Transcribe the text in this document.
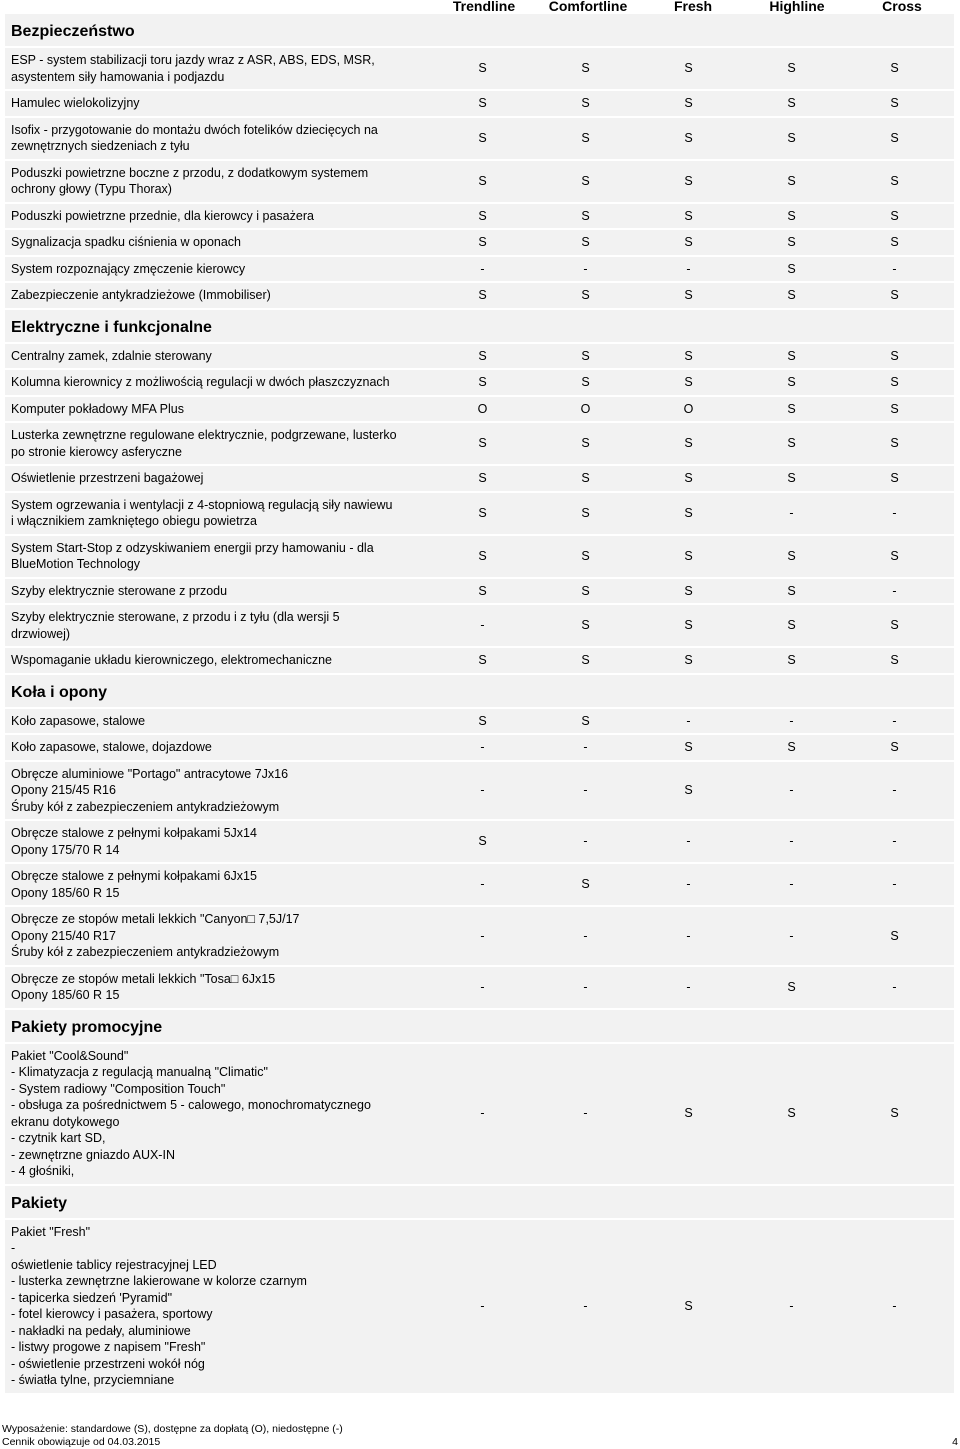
Trendline	Comfortline	Fresh	Highline	Cross
Bezpieczeństwo
ESP - system stabilizacji toru jazdy wraz z ASR, ABS, EDS, MSR,
asystentem siły hamowania i podjazdu
S	S	S	S	S
Hamulec wielokolizyjny	S	S	S	S	S
Isofix - przygotowanie do montażu dwóch fotelików dziecięcych na
zewnętrznych siedzeniach z tyłu
S	S	S	S	S
Poduszki powietrzne boczne z przodu, z dodatkowym systemem
ochrony głowy (Typu Thorax)
S	S	S	S	S
Poduszki powietrzne przednie, dla kierowcy i pasażera	S	S	S	S	S
Sygnalizacja spadku ciśnienia w oponach	S	S	S	S	S
System rozpoznający zmęczenie kierowcy	-	-	-	S	-
Zabezpieczenie antykradzieżowe (Immobiliser)	S	S	S	S	S
Elektryczne i funkcjonalne
Centralny zamek, zdalnie sterowany	S	S	S	S	S
Kolumna kierownicy z możliwością regulacji w dwóch płaszczyznach	S	S	S	S	S
Komputer pokładowy MFA Plus	O	O	O	S	S
Lusterka zewnętrzne regulowane elektrycznie, podgrzewane, lusterko
po stronie kierowcy asferyczne
S	S	S	S	S
Oświetlenie przestrzeni bagażowej	S	S	S	S	S
System ogrzewania i wentylacji z 4-stopniową regulacją siły nawiewu
i włącznikiem zamkniętego obiegu powietrza
S	S	S	-	-
System Start-Stop z odzyskiwaniem energii przy hamowaniu - dla
BlueMotion Technology
S	S	S	S	S
Szyby elektrycznie sterowane z przodu	S	S	S	S	-
Szyby elektrycznie sterowane, z przodu i z tyłu (dla wersji 5
drzwiowej)
-	S	S	S	S
Wspomaganie układu kierowniczego, elektromechaniczne	S	S	S	S	S
Koła i opony
Koło zapasowe, stalowe	S	S	-	-	-
Koło zapasowe, stalowe, dojazdowe	-	-	S	S	S
Obręcze aluminiowe "Portago" antracytowe 7Jx16
Opony 215/45 R16
Śruby kół z zabezpieczeniem antykradzieżowym
-	-	S	-	-
Obręcze stalowe z pełnymi kołpakami 5Jx14
Opony 175/70 R 14
S	-	-	-	-
Obręcze stalowe z pełnymi kołpakami 6Jx15
Opony 185/60 R 15
-	S	-	-	-
Obręcze ze stopów metali lekkich "Canyon□ 7,5J/17
Opony 215/40 R17
Śruby kół z zabezpieczeniem antykradzieżowym
-	-	-	-	S
Obręcze ze stopów metali lekkich "Tosa□ 6Jx15
Opony 185/60 R 15
-	-	-	S	-
Pakiety promocyjne
Pakiet "Cool&Sound"
- Klimatyzacja z regulacją manualną "Climatic"
- System radiowy "Composition Touch"
- obsługa za pośrednictwem 5 - calowego, monochromatycznego
ekranu dotykowego
- czytnik kart SD,
- zewnętrzne gniazdo AUX-IN
- 4 głośniki,
-	-	S	S	S
Pakiety
Pakiet "Fresh"
-
oświetlenie tablicy rejestracyjnej LED
- lusterka zewnętrzne lakierowane w kolorze czarnym
- tapicerka siedzeń 'Pyramid"
- fotel kierowcy i pasażera, sportowy
- nakładki na pedały, aluminiowe
- listwy progowe z napisem "Fresh"
- oświetlenie przestrzeni wokół nóg
- światła tylne, przyciemniane
-	-	S	-	-
Wyposażenie: standardowe (S), dostępne za dopłatą (O), niedostępne (-)
Cennik obowiązuje od 04.03.2015	4
